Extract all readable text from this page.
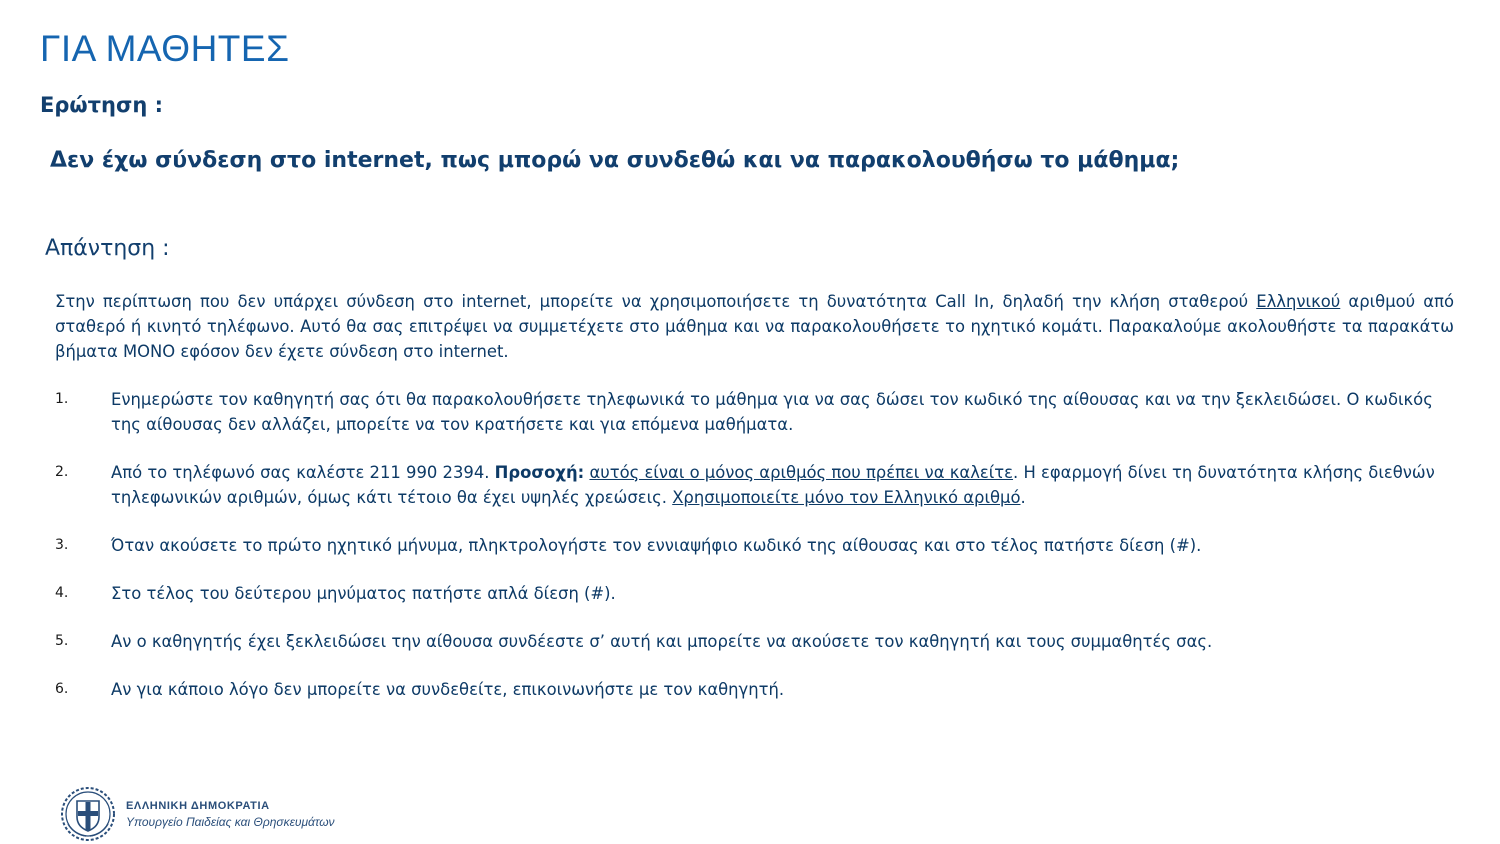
ΓΙΑ ΜΑΘΗΤΕΣ
Ερώτηση :
Δεν έχω σύνδεση στο internet, πως μπορώ να συνδεθώ και να παρακολουθήσω το μάθημα;
Απάντηση :

Στην περίπτωση που δεν υπάρχει σύνδεση στο internet, μπορείτε να χρησιμοποιήσετε τη δυνατότητα Call In, δηλαδή την κλήση σταθερού Ελληνικού αριθμού από σταθερό ή κινητό τηλέφωνο. Αυτό θα σας επιτρέψει να συμμετέχετε στο μάθημα και να παρακολουθήσετε το ηχητικό κομάτι. Παρακαλούμε ακολουθήστε τα παρακάτω βήματα ΜΟΝΟ εφόσον δεν έχετε σύνδεση στο internet.

1.	Ενημερώστε τον καθηγητή σας ότι θα παρακολουθήσετε τηλεφωνικά το μάθημα για να σας δώσει τον κωδικό της αίθουσας και να την ξεκλειδώσει. Ο κωδικός της αίθουσας δεν αλλάζει, μπορείτε να τον κρατήσετε και για επόμενα μαθήματα.
2.	Από το τηλέφωνό σας καλέστε 211 990 2394. Προσοχή: αυτός είναι ο μόνος αριθμός που πρέπει να καλείτε. Η εφαρμογή δίνει τη δυνατότητα κλήσης διεθνών τηλεφωνικών αριθμών, όμως κάτι τέτοιο θα έχει υψηλές χρεώσεις. Χρησιμοποιείτε μόνο τον Ελληνικό αριθμό.
3.	Όταν ακούσετε το πρώτο ηχητικό μήνυμα, πληκτρολογήστε τον εννιαψήφιο κωδικό της αίθουσας και στο τέλος πατήστε δίεση (#).
4.	Στο τέλος του δεύτερου μηνύματος πατήστε απλά δίεση (#).
5.	Αν ο καθηγητής έχει ξεκλειδώσει την αίθουσα συνδέεστε σ’ αυτή και μπορείτε να ακούσετε τον καθηγητή και τους συμμαθητές σας.
6.	Αν για κάποιο λόγο δεν μπορείτε να συνδεθείτε, επικοινωνήστε με τον καθηγητή.
ΕΛΛΗΝΙΚΗ ΔΗΜΟΚΡΑΤΙΑ
Υπουργείο Παιδείας και Θρησκευμάτων
